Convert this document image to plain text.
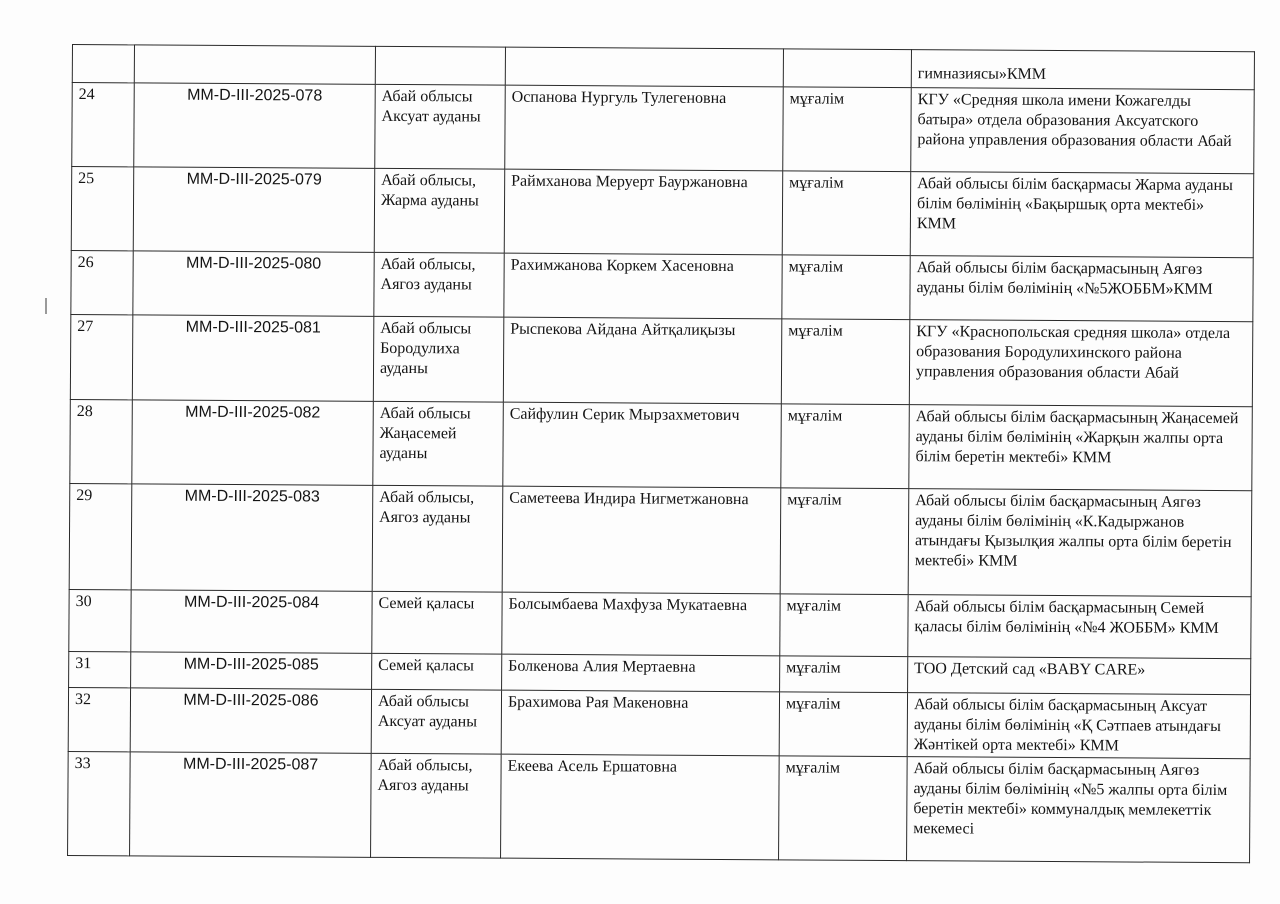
					гимназиясы»КММ
24	MM-D-III-2025-078	Абай облысы Аксуат ауданы	Оспанова Нургуль Тулегеновна	мұғалім	КГУ «Средняя школа имени Кожагелды батыра» отдела образования Аксуатского района управления образования области Абай
25	MM-D-III-2025-079	Абай облысы, Жарма ауданы	Раймханова Меруерт Бауржановна	мұғалім	Абай облысы білім басқармасы Жарма ауданы білім бөлімінің «Бақыршық орта мектебі» КММ
26	MM-D-III-2025-080	Абай облысы, Аягоз ауданы	Рахимжанова Коркем Хасеновна	мұғалім	Абай облысы білім басқармасының Аягөз ауданы білім бөлімінің «№5ЖОББМ»КММ
27	MM-D-III-2025-081	Абай облысы Бородулиха ауданы	Рыспекова Айдана Айтқалиқызы	мұғалім	КГУ «Краснопольская средняя школа» отдела образования Бородулихинского района управления образования области Абай
28	MM-D-III-2025-082	Абай облысы Жаңасемей ауданы	Сайфулин Серик Мырзахметович	мұғалім	Абай облысы білім басқармасының Жаңасемей ауданы білім бөлімінің «Жарқын жалпы орта білім беретін мектебі» КММ
29	MM-D-III-2025-083	Абай облысы, Аягоз ауданы	Саметеева Индира Нигметжановна	мұғалім	Абай облысы білім басқармасының Аягөз ауданы білім бөлімінің «К.Кадыржанов атындағы Қызылқия жалпы орта білім беретін мектебі» КММ
30	MM-D-III-2025-084	Семей қаласы	Болсымбаева Махфуза Мукатаевна	мұғалім	Абай облысы білім басқармасының Семей қаласы білім бөлімінің «№4 ЖОББМ» КММ
31	MM-D-III-2025-085	Семей қаласы	Болкенова Алия Мертаевна	мұғалім	ТОО Детский сад «BABY CARE»
32	MM-D-III-2025-086	Абай облысы Аксуат ауданы	Брахимова Рая Макеновна	мұғалім	Абай облысы білім басқармасының Аксуат ауданы білім бөлімінің «Қ Сәтпаев атындағы Жәнтікей орта мектебі» КММ
33	MM-D-III-2025-087	Абай облысы, Аягоз ауданы	Екеева Асель Ершатовна	мұғалім	Абай облысы білім басқармасының Аягөз ауданы білім бөлімінің «№5 жалпы орта білім беретін мектебі» коммуналдық мемлекеттік мекемесі
